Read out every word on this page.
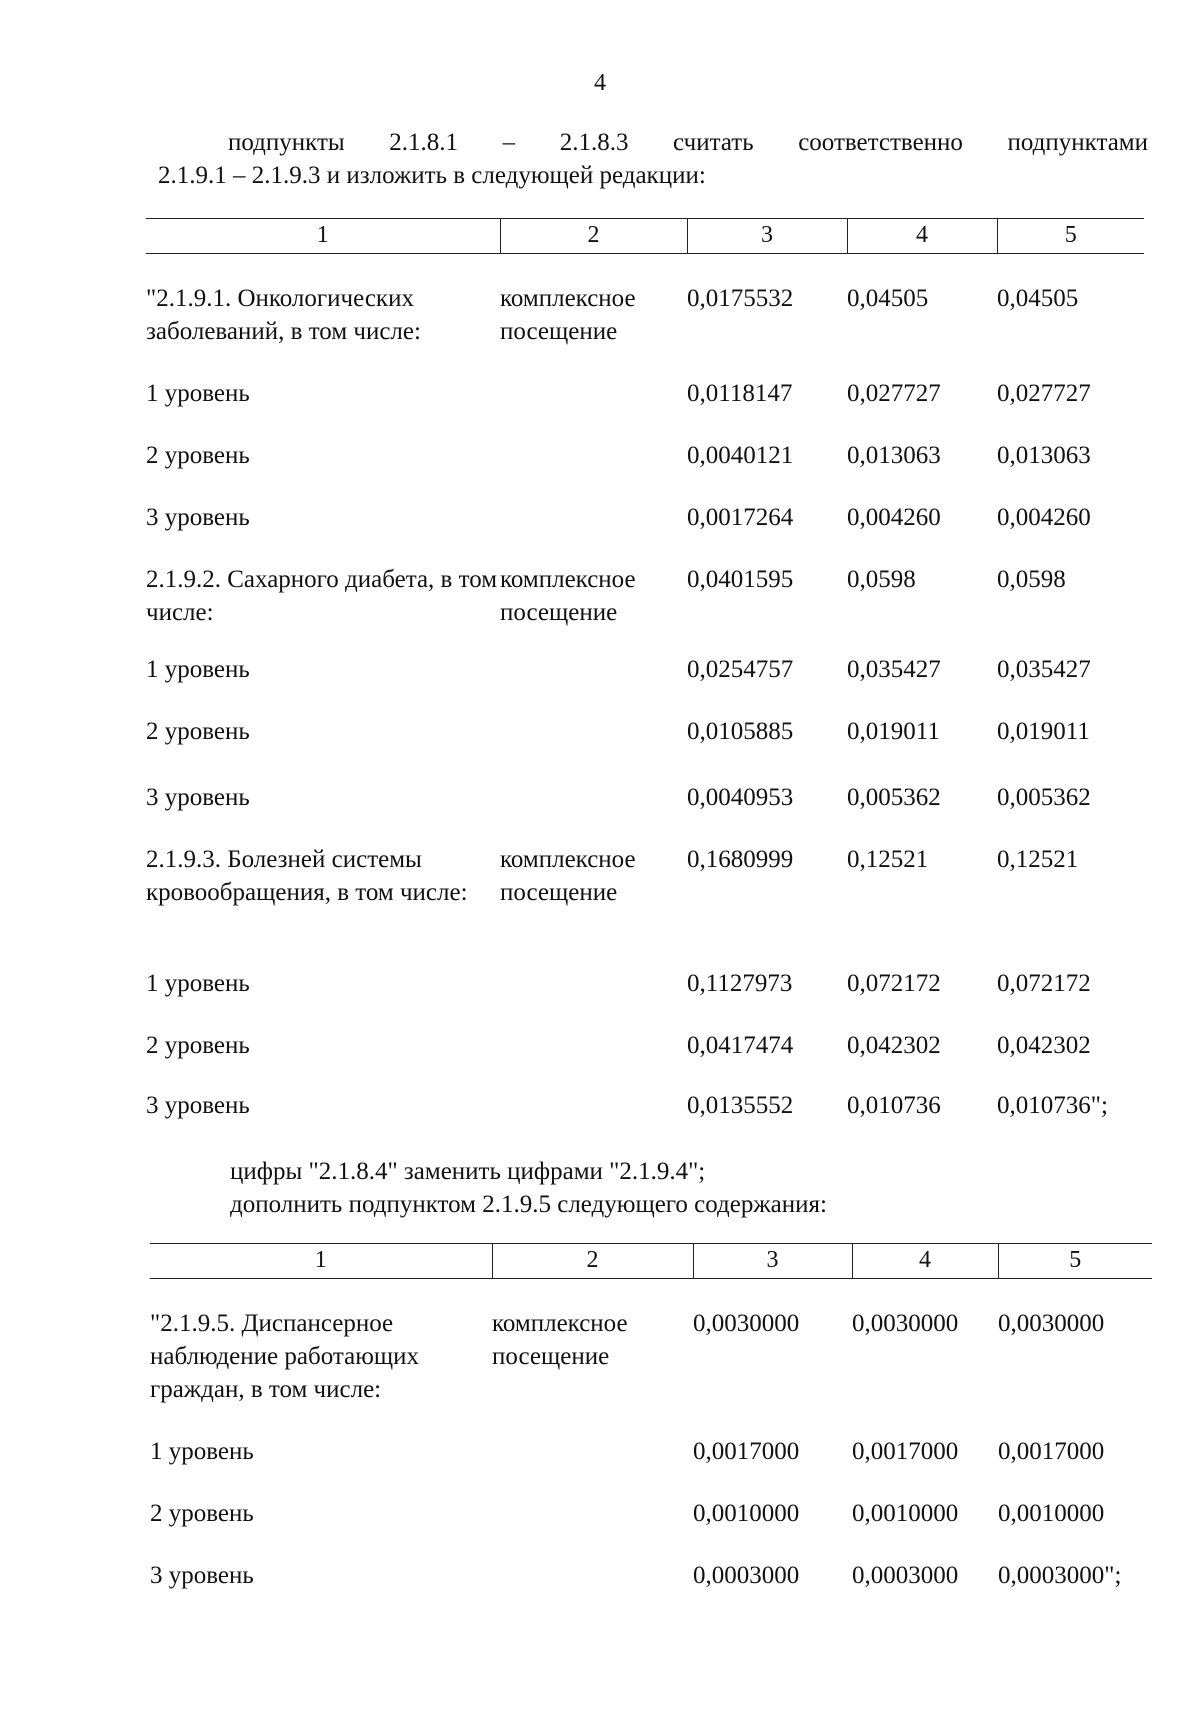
4
подпункты 2.1.8.1 – 2.1.8.3 считать соответственно подпунктами
2.1.9.1 – 2.1.9.3 и изложить в следующей редакции:
1	2	3	4	5

"2.1.9.1. Онкологических заболеваний, в том числе:	комплексное посещение	0,0175532	0,04505	0,04505
1 уровень		0,0118147	0,027727	0,027727
2 уровень		0,0040121	0,013063	0,013063
3 уровень		0,0017264	0,004260	0,004260
2.1.9.2. Сахарного диабета, в том числе:	комплексное посещение	0,0401595	0,0598	0,0598
1 уровень		0,0254757	0,035427	0,035427
2 уровень		0,0105885	0,019011	0,019011
3 уровень		0,0040953	0,005362	0,005362
2.1.9.3. Болезней системы кровообращения, в том числе:	комплексное посещение	0,1680999	0,12521	0,12521
1 уровень		0,1127973	0,072172	0,072172
2 уровень		0,0417474	0,042302	0,042302
3 уровень		0,0135552	0,010736	0,010736";
цифры "2.1.8.4" заменить цифрами "2.1.9.4";
дополнить подпунктом 2.1.9.5 следующего содержания:
1	2	3	4	5

"2.1.9.5. Диспансерное наблюдение работающих граждан, в том числе:	комплексное посещение	0,0030000	0,0030000	0,0030000
1 уровень		0,0017000	0,0017000	0,0017000
2 уровень		0,0010000	0,0010000	0,0010000
3 уровень		0,0003000	0,0003000	0,0003000";
